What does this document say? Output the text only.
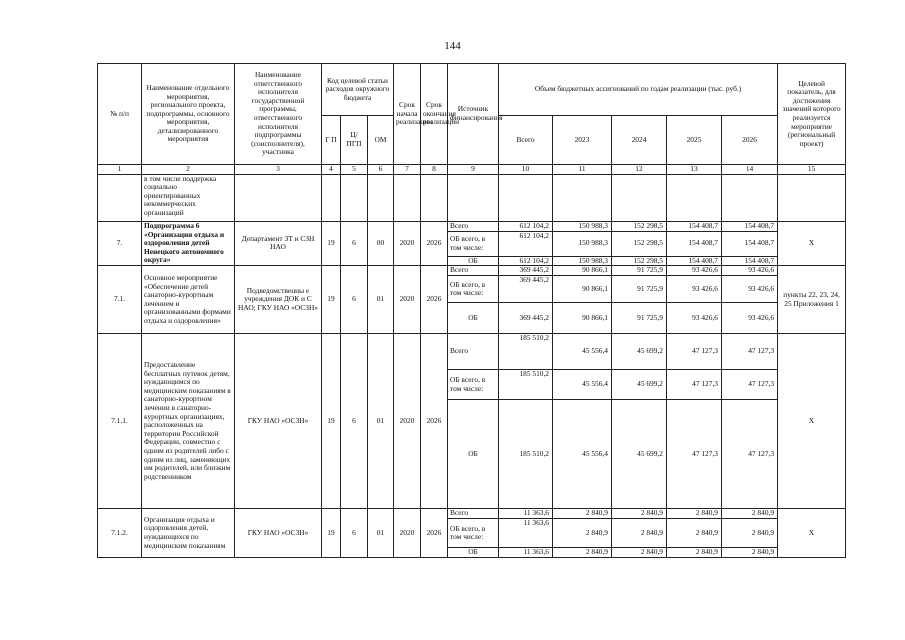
144
№ п/п	Наименование отдельного мероприятия, регионального проекта, подпрограммы, основного мероприятия, детализированного мероприятия	Наименование ответственного исполнителя государственной программы, ответственного исполнителя подпрограммы (соисполнителя), участника	Код целевой статьи расходов окружного бюджета			Срок начала реализации	Срок окончания реализации	Источник финансирования	Объем бюджетных ассигнований по годам реализации (тыс. руб.)					Целевой показатель, для достижения значений которого реализуется мероприятие (региональный проект)
			Г П	Ц/ ПГП	ОМ				Всего	2023	2024	2025	2026	
1	2	3	4	5	6	7	8	9	10	11	12	13	14	15
	в том числе поддержка социально ориентированных некоммерческих организаций													
7.	Подпрограмма 6 «Организация отдыха и оздоровления детей Ненецкого автономного округа»	Департамент ЗТ и СЗН НАО	19	6	00	2020	2026	Всего	612 104,2	150 988,3	152 298,5	154 408,7	154 408,7	X
								ОБ всего, в том числе:	612 104,2	150 988,3	152 298,5	154 408,7	154 408,7	
								ОБ	612 104,2	150 988,3	152 298,5	154 408,7	154 408,7	
7.1.	Основное мероприятие «Обеспечение детей санаторно-курортным лечением и организованными формами отдыха и оздоровления»	Подведомственны е учреждения ДОК и С НАО; ГКУ НАО «ОСЗН»	19	6	01	2020	2026	Всего	369 445,2	90 866,1	91 725,9	93 426,6	93 426,6	пункты 22, 23, 24, 25 Приложения 1
								ОБ всего, в том числе:	369 445,2	90 866,1	91 725,9	93 426,6	93 426,6	
								ОБ	369 445,2	90 866,1	91 725,9	93 426,6	93 426,6	
7.1.1.	Предоставление бесплатных путевок детям, нуждающимся по медицинским показаниям в санаторно-курортном лечении в санаторно-курортных организациях, расположенных на территории Российской Федерации, совместно с одним из родителей либо с одним из лиц, заменяющих им родителей, или близким родственником	ГКУ НАО «ОСЗН»	19	6	01	2020	2026	Всего	185 510,2	45 556,4	45 699,2	47 127,3	47 127,3	X
								ОБ всего, в том числе:	185 510,2	45 556,4	45 699,2	47 127,3	47 127,3	
								ОБ	185 510,2	45 556,4	45 699,2	47 127,3	47 127,3	
7.1.2.	Организация отдыха и оздоровления детей, нуждающихся по медицинским показаниям	ГКУ НАО «ОСЗН»	19	6	01	2020	2026	Всего	11 363,6	2 840,9	2 840,9	2 840,9	2 840,9	X
								ОБ всего, в том числе:	11 363,6	2 840,9	2 840,9	2 840,9	2 840,9	
								ОБ	11 363,6	2 840,9	2 840,9	2 840,9	2 840,9	
